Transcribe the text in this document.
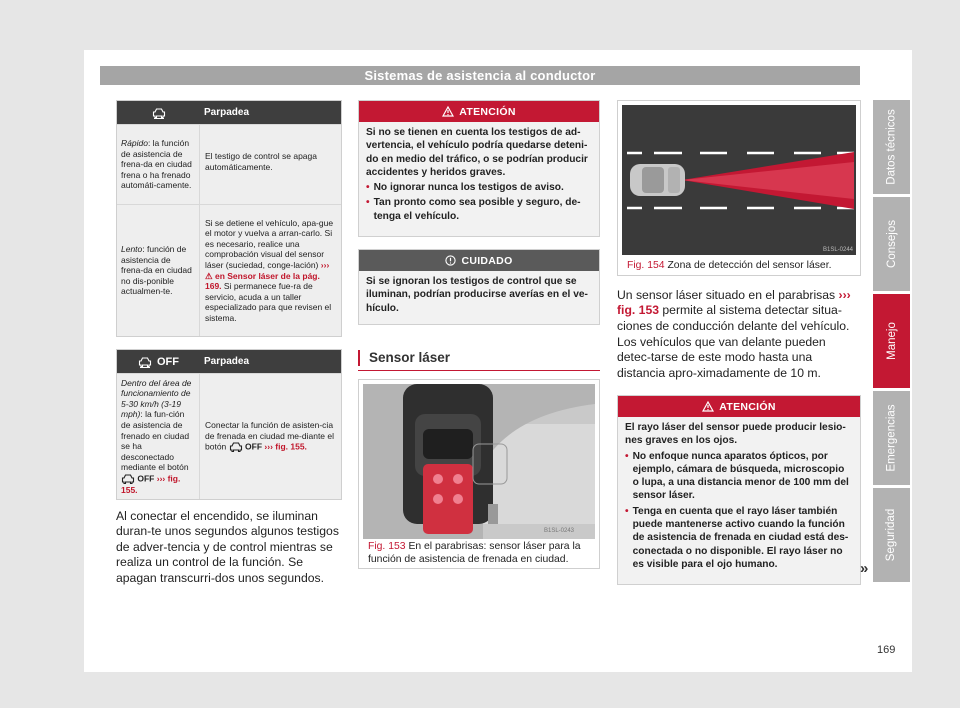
Sistemas de asistencia al conductor
Parpadea

Rápido: la función de asistencia de frena-da en ciudad frena o ha frenado automáti-camente.

El testigo de control se apaga automáticamente.

Lento: función de asistencia de frena-da en ciudad no dis-ponible actualmen-te.

Si se detiene el vehículo, apa-gue el motor y vuelva a arran-carlo. Si es necesario, realice una comprobación visual del sensor láser (suciedad, conge-lación) ››› ⚠ en Sensor láser de la pág. 169. Si permanece fue-ra de servicio, acuda a un taller especializado para que revisen el sistema.

OFF	Parpadea

Dentro del área de funcionamiento de 5-30 km/h (3-19 mph): la fun-ción de asistencia de frenado en ciudad se ha desconectado mediante el botón  OFF ››› fig. 155.

Conectar la función de asisten-cia de frenada en ciudad me-diante el botón OFF ››› fig. 155.

Al conectar el encendido, se iluminan duran-te unos segundos algunos testigos de adver-tencia y de control mientras se realiza un control de la función. Se apagan transcurri-dos unos segundos.

ATENCIÓN

Si no se tienen en cuenta los testigos de ad-vertencia, el vehículo podría quedarse deteni-do en medio del tráfico, o se podrían producir accidentes y heridos graves.

• No ignorar nunca los testigos de aviso.
• Tan pronto como sea posible y seguro, de-tenga el vehículo.
CUIDADO

Si se ignoran los testigos de control que se iluminan, podrían producirse averías en el ve-hículo.

Sensor láser
B1SL-0243

Fig. 153 En el parabrisas: sensor láser para la función de asistencia de frenada en ciudad.

B1SL-0244

Fig. 154 Zona de detección del sensor láser.

Un sensor láser situado en el parabrisas ››› fig. 153 permite al sistema detectar situa-ciones de conducción delante del vehículo.

Los vehículos que van delante pueden detec-tarse de este modo hasta una distancia apro-ximadamente de 10 m.

ATENCIÓN

El rayo láser del sensor puede producir lesio-nes graves en los ojos.

• No enfoque nunca aparatos ópticos, por ejemplo, cámara de búsqueda, microscopio o lupa, a una distancia menor de 100 mm del sensor láser.
• Tenga en cuenta que el rayo láser también puede mantenerse activo cuando la función de asistencia de frenada en ciudad está des-conectada o no disponible. El rayo láser no es visible para el ojo humano.	»
Datos técnicos
Consejos
Manejo
Emergencias
Seguridad
169
